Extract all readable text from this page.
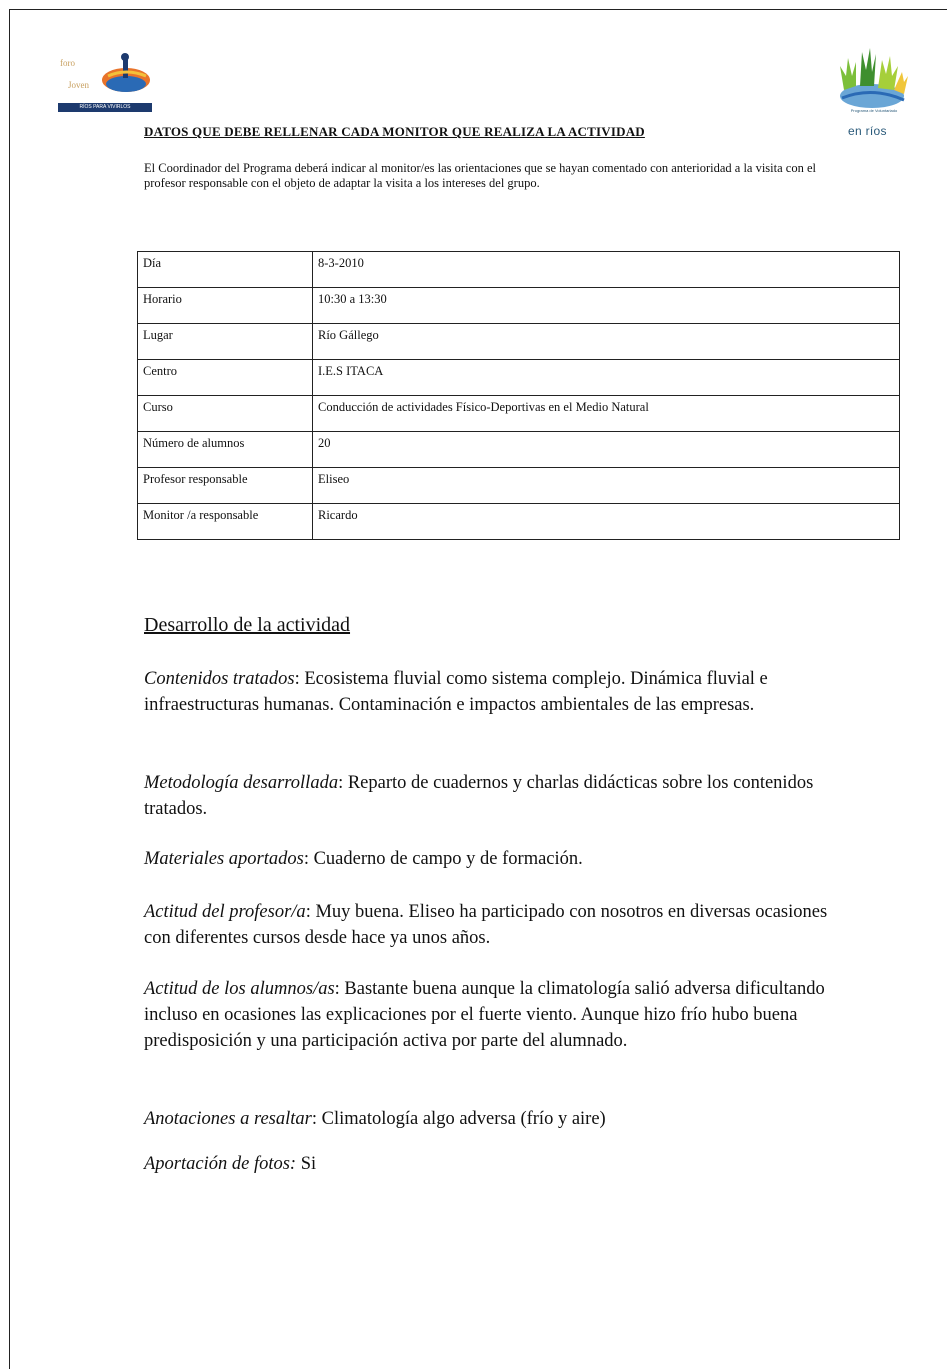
foro
Joven
RÍOS PARA VIVIRLOS
Programa de Voluntariado
en ríos
DATOS QUE DEBE RELLENAR CADA MONITOR QUE REALIZA LA ACTIVIDAD
El Coordinador del Programa deberá indicar al monitor/es las orientaciones que se hayan comentado con anterioridad a la visita con el profesor responsable con el objeto de adaptar la visita a los intereses del grupo.
Día	8-3-2010
Horario	10:30 a 13:30
Lugar	Río Gállego
Centro	I.E.S ITACA
Curso	Conducción de actividades Físico-Deportivas en el Medio Natural
Número de alumnos	20
Profesor responsable	Eliseo
Monitor /a responsable	Ricardo
Desarrollo de la actividad
Contenidos tratados: Ecosistema fluvial como sistema complejo. Dinámica fluvial e infraestructuras humanas. Contaminación e impactos ambientales de las empresas.
Metodología desarrollada: Reparto de cuadernos y charlas didácticas sobre los contenidos tratados.
Materiales aportados: Cuaderno de campo y de formación.
Actitud del profesor/a: Muy buena. Eliseo ha participado con nosotros en diversas ocasiones con diferentes cursos desde hace ya unos años.
Actitud de los alumnos/as: Bastante buena aunque la climatología salió adversa dificultando incluso en ocasiones las explicaciones por el fuerte viento. Aunque hizo frío hubo buena predisposición y una participación activa por parte del alumnado.
Anotaciones a resaltar: Climatología algo adversa (frío y aire)
Aportación de fotos: Si
